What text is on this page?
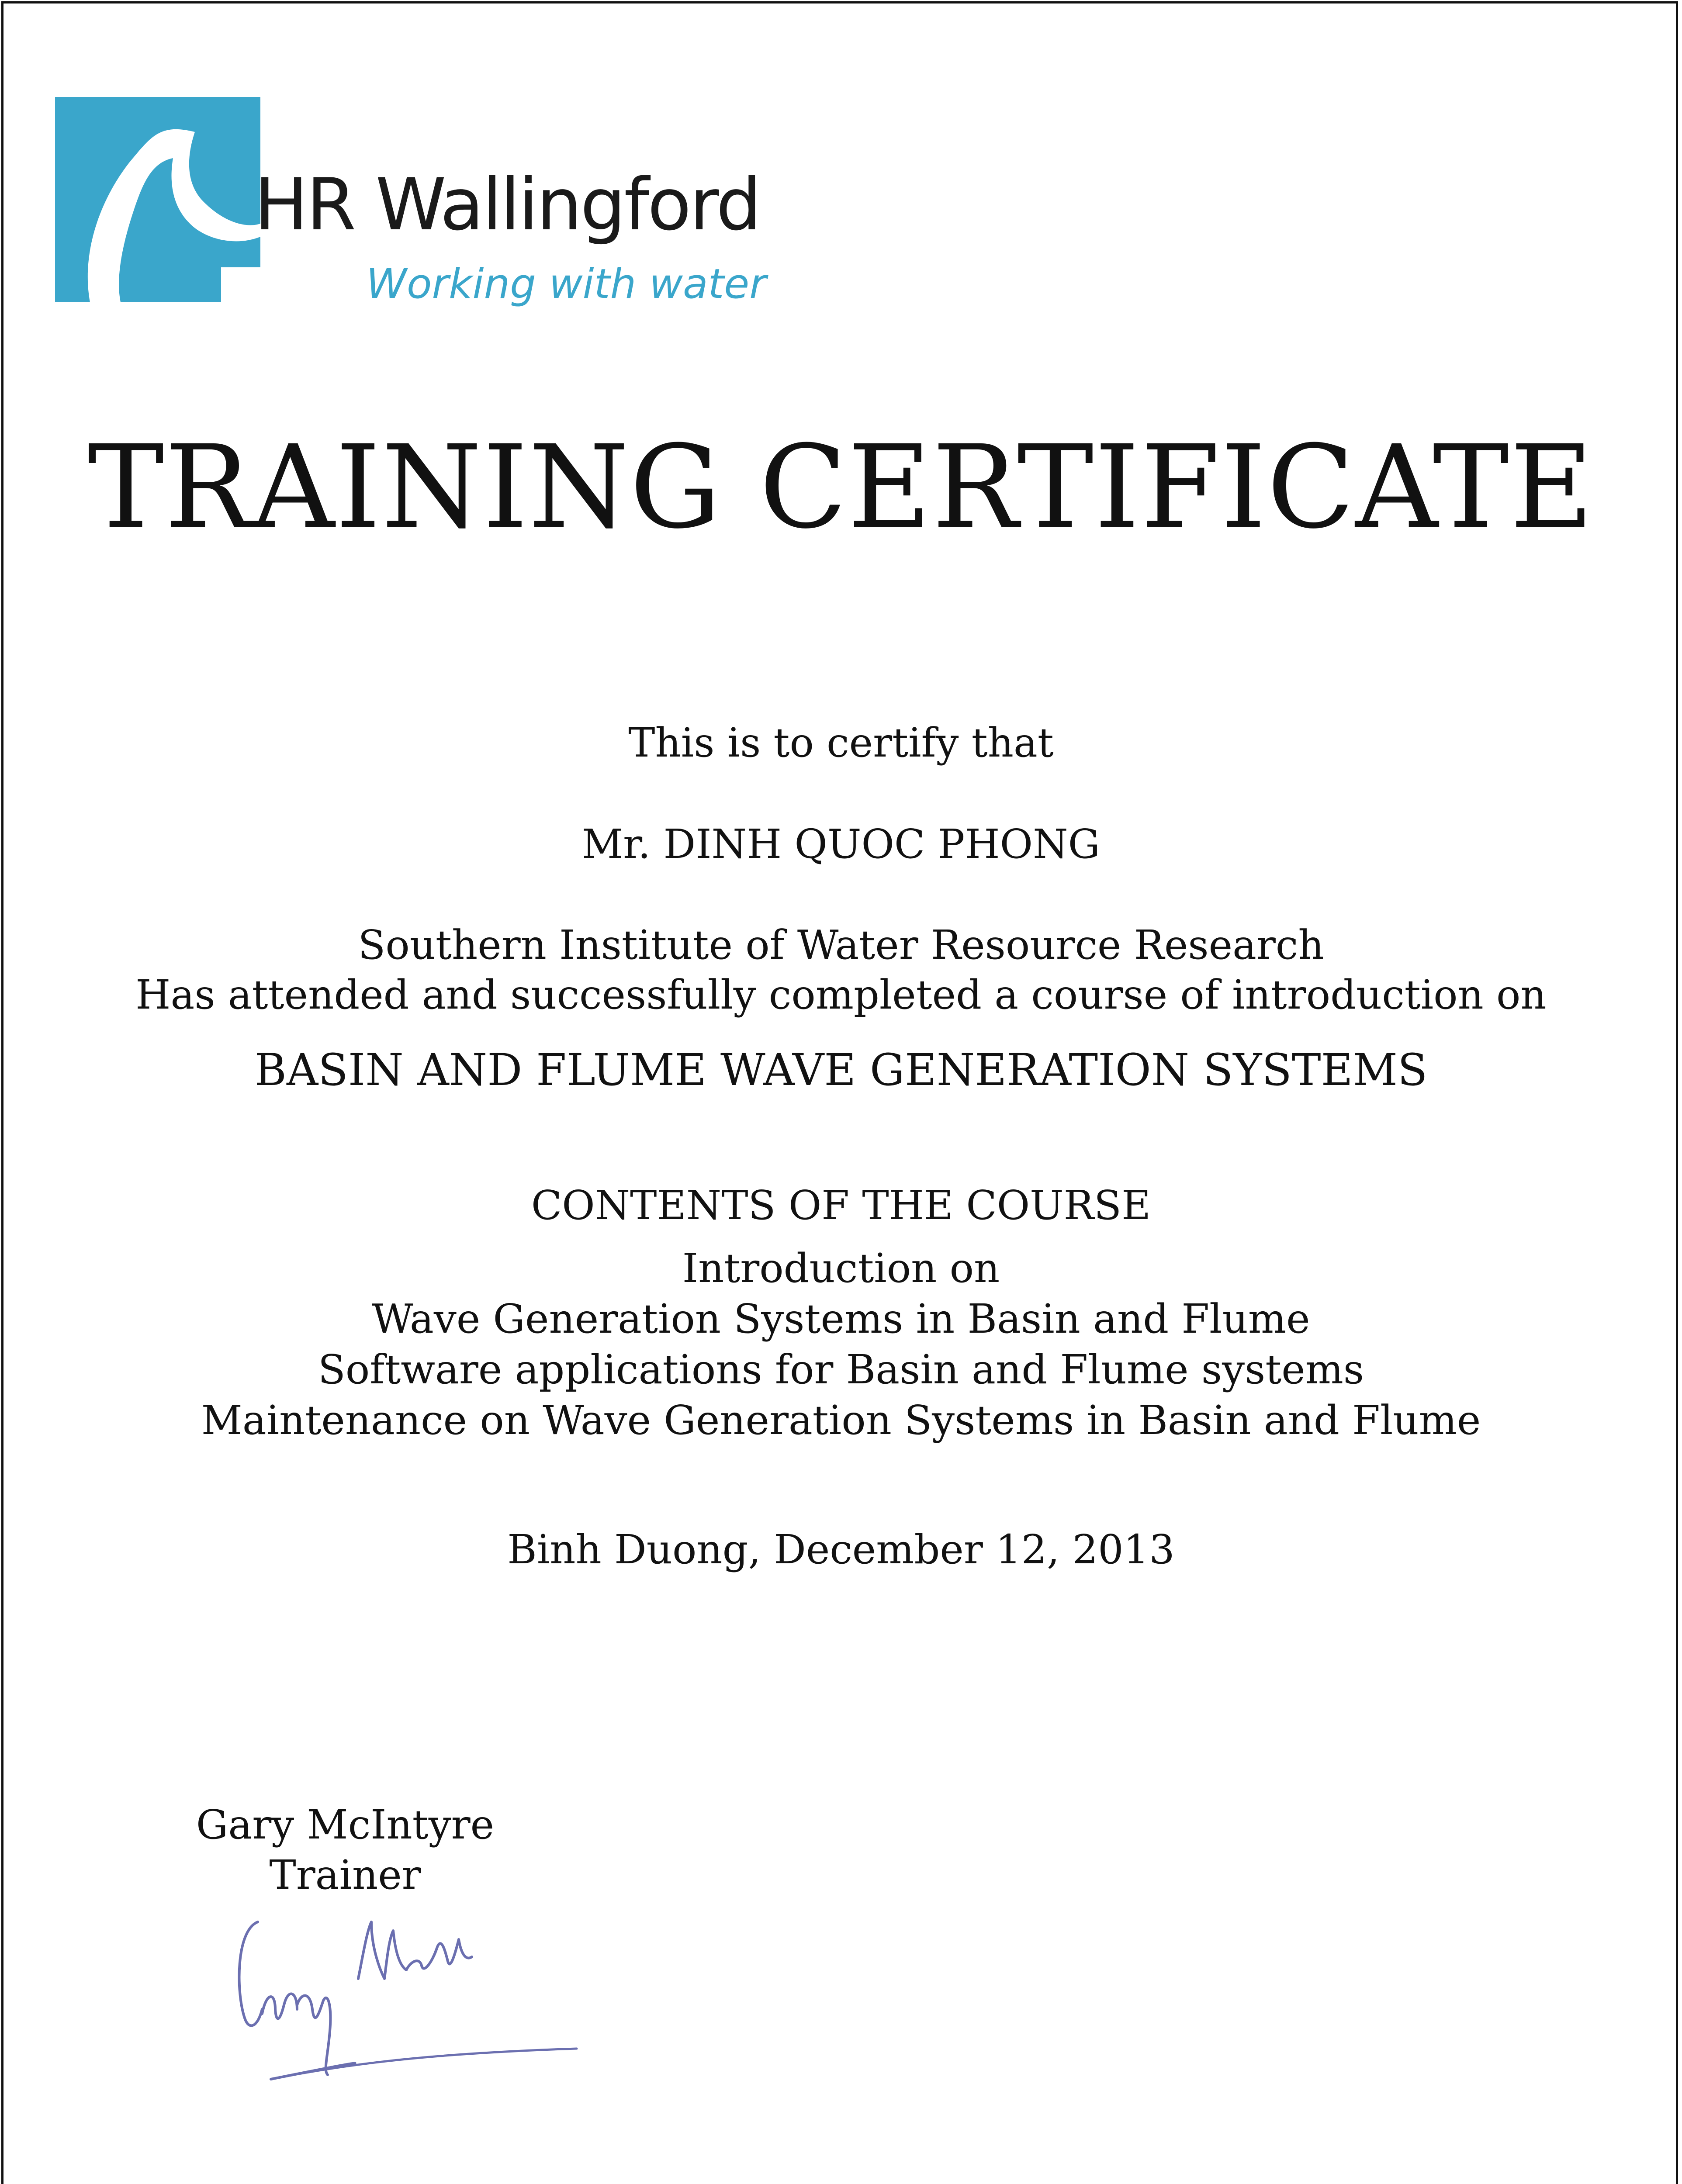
HR Wallingford
Working with water
TRAINING CERTIFICATE
This is to certify that
Mr. DINH QUOC PHONG
Southern Institute of Water Resource Research
Has attended and successfully completed a course of introduction on
BASIN AND FLUME WAVE GENERATION SYSTEMS
CONTENTS OF THE COURSE
Introduction on
Wave Generation Systems in Basin and Flume
Software applications for Basin and Flume systems
Maintenance on Wave Generation Systems in Basin and Flume
Binh Duong, December 12, 2013
Gary McIntyre
Trainer
